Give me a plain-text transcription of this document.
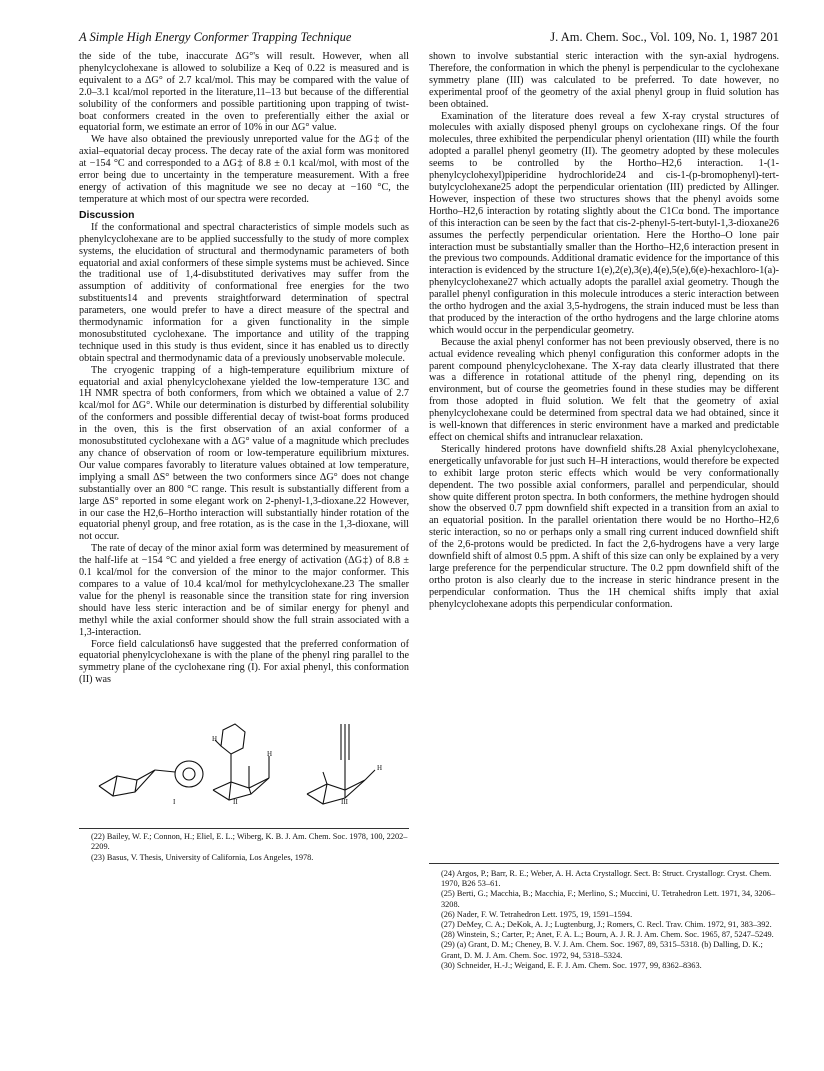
A Simple High Energy Conformer Trapping Technique	J. Am. Chem. Soc., Vol. 109, No. 1, 1987 201

the side of the tube, inaccurate ΔG°'s will result. However, when all phenylcyclohexane is allowed to solubilize a Keq of 0.22 is measured and is equivalent to a ΔG° of 2.7 kcal/mol. This may be compared with the value of 2.0–3.1 kcal/mol reported in the literature,11–13 but because of the differential solubility of the conformers and possible partitioning upon trapping of twist-boat conformers created in the oven to preferentially either the axial or equatorial form, we estimate an error of 10% in our ΔG° value.

We have also obtained the previously unreported value for the ΔG‡ of the axial–equatorial decay process. The decay rate of the axial form was monitored at −154 °C and corresponded to a ΔG‡ of 8.8 ± 0.1 kcal/mol, with most of the error being due to uncertainty in the temperature measurement. With a free energy of activation of this magnitude we see no decay at −160 °C, the temperature at which most of our spectra were recorded.

Discussion

If the conformational and spectral characteristics of simple models such as phenylcyclohexane are to be applied successfully to the study of more complex systems, the elucidation of structural and thermodynamic parameters of both equatorial and axial conformers of these simple systems must be achieved. Since the traditional use of 1,4-disubstituted derivatives may suffer from the assumption of additivity of conformational free energies for the two substituents14 and prevents straightforward determination of spectral parameters, one would prefer to have a direct measure of the spectral and thermodynamic information for a given functionality in the simple monosubstituted cyclohexane. The importance and utility of the trapping technique used in this study is thus evident, since it has enabled us to directly obtain spectral and thermodynamic data of a previously unobservable molecule.

The cryogenic trapping of a high-temperature equilibrium mixture of equatorial and axial phenylcyclohexane yielded the low-temperature 13C and 1H NMR spectra of both conformers, from which we obtained a value of 2.7 kcal/mol for ΔG°. While our determination is disturbed by differential solubility of the conformers and possible differential decay of twist-boat forms produced in the oven, this is the first observation of an axial conformer of a monosubstituted cyclohexane with a ΔG° value of a magnitude which precludes any chance of observation of room or low-temperature equilibrium mixtures. Our value compares favorably to literature values obtained at low temperature, implying a small ΔS° between the two conformers since ΔG° does not change substantially over an 800 °C range. This result is substantially different from a large ΔS° reported in some elegant work on 2-phenyl-1,3-dioxane.22 However, in our case the H2,6–Hortho interaction will substantially hinder rotation of the equatorial phenyl group, and free rotation, as is the case in the 1,3-dioxane, will not occur.

The rate of decay of the minor axial form was determined by measurement of the half-life at −154 °C and yielded a free energy of activation (ΔG‡) of 8.8 ± 0.1 kcal/mol for the conversion of the minor to the major conformer. This compares to a value of 10.4 kcal/mol for methylcyclohexane.23 The smaller value for the phenyl is reasonable since the transition state for ring inversion should have less steric interaction and be of similar energy for phenyl and methyl while the axial conformer should show the full strain associated with a 1,3-interaction.

Force field calculations6 have suggested that the preferred conformation of equatorial phenylcyclohexane is with the plane of the phenyl ring parallel to the symmetry plane of the cyclohexane ring (I). For axial phenyl, this conformation (II) was

I	II	III
H
H
H

(22) Bailey, W. F.; Connon, H.; Eliel, E. L.; Wiberg, K. B. J. Am. Chem. Soc. 1978, 100, 2202–2209.

(23) Basus, V. Thesis, University of California, Los Angeles, 1978.

shown to involve substantial steric interaction with the syn-axial hydrogens. Therefore, the conformation in which the phenyl is perpendicular to the cyclohexane symmetry plane (III) was calculated to be preferred. To date however, no experimental proof of the geometry of the axial phenyl group in fluid solution has been obtained.

Examination of the literature does reveal a few X-ray crystal structures of molecules with axially disposed phenyl groups on cyclohexane rings. Of the four molecules, three exhibited the perpendicular phenyl orientation (III) while the fourth adopted a parallel phenyl geometry (II). The geometry adopted by these molecules seems to be controlled by the Hortho–H2,6 interaction. 1-(1-phenylcyclohexyl)piperidine hydrochloride24 and cis-1-(p-bromophenyl)-tert-butylcyclohexane25 adopt the perpendicular orientation (III) predicted by Allinger. However, inspection of these two structures shows that the phenyl avoids some Hortho–H2,6 interaction by rotating slightly about the C1Cα bond. The importance of this interaction can be seen by the fact that cis-2-phenyl-5-tert-butyl-1,3-dioxane26 assumes the perfectly perpendicular orientation. Here the Hortho–O lone pair interaction must be substantially smaller than the Hortho–H2,6 interaction present in the previous two compounds. Additional dramatic evidence for the importance of this interaction is evidenced by the structure 1(e),2(e),3(e),4(e),5(e),6(e)-hexachloro-1(a)-phenylcyclohexane27 which actually adopts the parallel axial geometry. Though the parallel phenyl configuration in this molecule introduces a steric interaction between the ortho hydrogen and the axial 3,5-hydrogens, the strain induced must be less than that produced by the interaction of the ortho hydrogens and the large chlorine atoms which would occur in the perpendicular geometry.

Because the axial phenyl conformer has not been previously observed, there is no actual evidence revealing which phenyl configuration this conformer adopts in the parent compound phenylcyclohexane. The X-ray data clearly illustrated that there was a difference in rotational attitude of the phenyl ring, depending on its environment, but of course the geometries found in these studies may be different from those adopted in fluid solution. We felt that the geometry of axial phenylcyclohexane could be determined from spectral data we had obtained, since it is well-known that differences in steric environment have a marked and predictable effect on chemical shifts and intranuclear relaxation.

Sterically hindered protons have downfield shifts.28 Axial phenylcyclohexane, energetically unfavorable for just such H–H interactions, would therefore be expected to exhibit large proton steric effects which would be very conformationally dependent. The two possible axial conformers, parallel and perpendicular, should show quite different proton spectra. In both conformers, the methine hydrogen should show the observed 0.7 ppm downfield shift expected in a transition from an axial to an equatorial position. In the parallel orientation there would be no Hortho–H2,6 steric interaction, so no or perhaps only a small ring current induced downfield shift of the 2,6-protons would be predicted. In fact the 2,6-hydrogens have a very large downfield shift of almost 0.5 ppm. A shift of this size can only be explained by a very large preference for the perpendicular structure. The 0.2 ppm downfield shift of the ortho proton is also clearly due to the increase in steric hindrance present in the perpendicular conformation. Thus the 1H chemical shifts imply that axial phenylcyclohexane adopts this perpendicular conformation.

(24) Argos, P.; Barr, R. E.; Weber, A. H. Acta Crystallogr. Sect. B: Struct. Crystallogr. Cryst. Chem. 1970, B26 53–61.

(25) Berti, G.; Macchia, B.; Macchia, F.; Merlino, S.; Muccini, U. Tetrahedron Lett. 1971, 34, 3206–3208.

(26) Nader, F. W. Tetrahedron Lett. 1975, 19, 1591–1594.

(27) DeMey, C. A.; DeKok, A. J.; Lugtenburg, J.; Romers, C. Recl. Trav. Chim. 1972, 91, 383–392.

(28) Winstein, S.; Carter, P.; Anet, F. A. L.; Bourn, A. J. R. J. Am. Chem. Soc. 1965, 87, 5247–5249.

(29) (a) Grant, D. M.; Cheney, B. V. J. Am. Chem. Soc. 1967, 89, 5315–5318. (b) Dalling, D. K.; Grant, D. M. J. Am. Chem. Soc. 1972, 94, 5318–5324.

(30) Schneider, H.-J.; Weigand, E. F. J. Am. Chem. Soc. 1977, 99, 8362–8363.
